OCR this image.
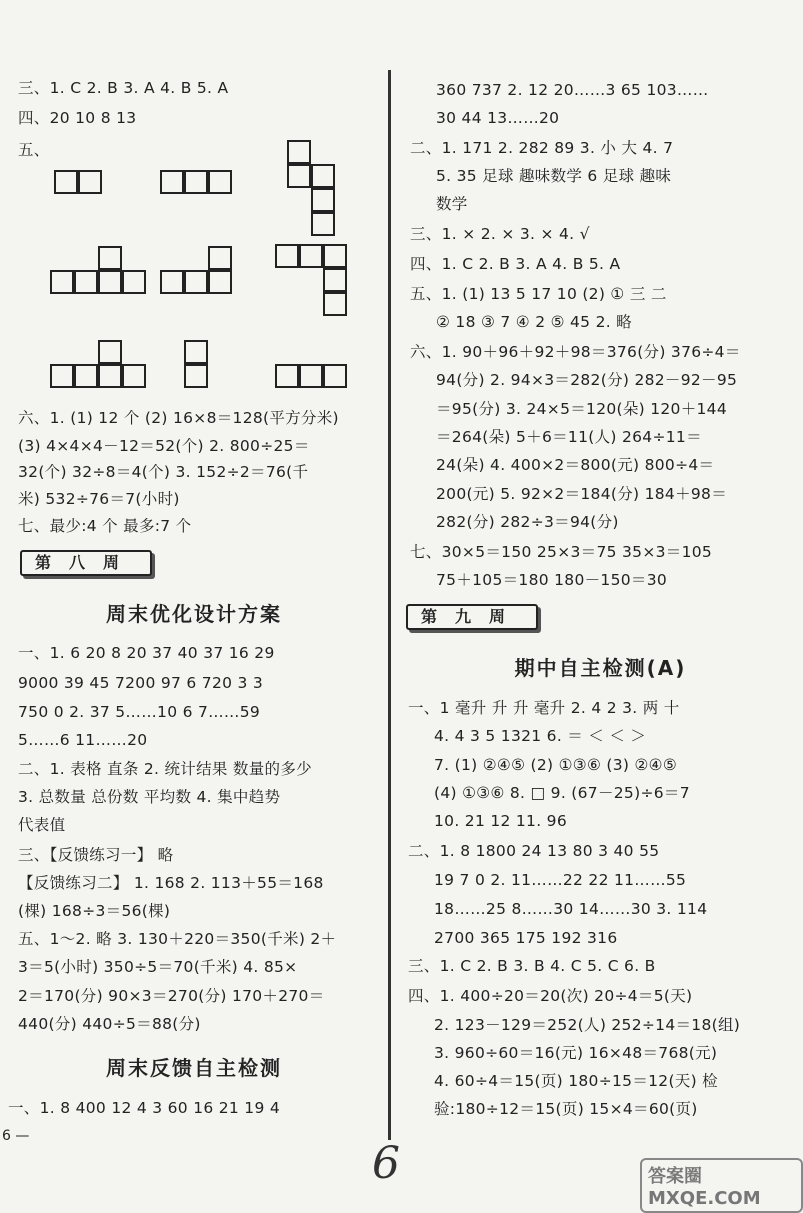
三、1. C 2. B 3. A 4. B 5. A
四、20 10 8 13
五、
六、1. (1) 12 个 (2) 16×8＝128(平方分米)
(3) 4×4×4－12＝52(个) 2. 800÷25＝
32(个) 32÷8＝4(个) 3. 152÷2＝76(千
米) 532÷76＝7(小时)
七、最少:4 个 最多:7 个
第八周
周末优化设计方案
一、1. 6 20 8 20 37 40 37 16 29
9000 39 45 7200 97 6 720 3 3
750 0 2. 37 5……10 6 7……59
5……6 11……20
二、1. 表格 直条 2. 统计结果 数量的多少
3. 总数量 总份数 平均数 4. 集中趋势
代表值
三、【反馈练习一】 略
【反馈练习二】 1. 168 2. 113＋55＝168
(棵) 168÷3＝56(棵)
五、1～2. 略 3. 130＋220＝350(千米) 2＋
3＝5(小时) 350÷5＝70(千米) 4. 85×
2＝170(分) 90×3＝270(分) 170＋270＝
440(分) 440÷5＝88(分)
周末反馈自主检测
一、1. 8 400 12 4 3 60 16 21 19 4
6 —
360 737 2. 12 20……3 65 103……
30 44 13……20
二、1. 171 2. 282 89 3. 小 大 4. 7
5. 35 足球 趣味数学 6 足球 趣味
数学
三、1. × 2. × 3. × 4. √
四、1. C 2. B 3. A 4. B 5. A
五、1. (1) 13 5 17 10 (2) ① 三 二
② 18 ③ 7 ④ 2 ⑤ 45 2. 略
六、1. 90＋96＋92＋98＝376(分) 376÷4＝
94(分) 2. 94×3＝282(分) 282－92－95
＝95(分) 3. 24×5＝120(朵) 120＋144
＝264(朵) 5＋6＝11(人) 264÷11＝
24(朵) 4. 400×2＝800(元) 800÷4＝
200(元) 5. 92×2＝184(分) 184＋98＝
282(分) 282÷3＝94(分)
七、30×5＝150 25×3＝75 35×3＝105
75＋105＝180 180－150＝30
第九周
期中自主检测(A)
一、1 毫升 升 升 毫升 2. 4 2 3. 两 十
4. 4 3 5 1321 6. ＝ ＜ ＜ ＞
7. (1) ②④⑤ (2) ①③⑥ (3) ②④⑤
(4) ①③⑥ 8. □ 9. (67－25)÷6＝7
10. 21 12 11. 96
二、1. 8 1800 24 13 80 3 40 55
19 7 0 2. 11……22 22 11……55
18……25 8……30 14……30 3. 114
2700 365 175 192 316
三、1. C 2. B 3. B 4. C 5. C 6. B
四、1. 400÷20＝20(次) 20÷4＝5(天)
2. 123－129＝252(人) 252÷14＝18(组)
3. 960÷60＝16(元) 16×48＝768(元)
4. 60÷4＝15(页) 180÷15＝12(天) 检
验:180÷12＝15(页) 15×4＝60(页)
6	答案圈 MXQE.COM
